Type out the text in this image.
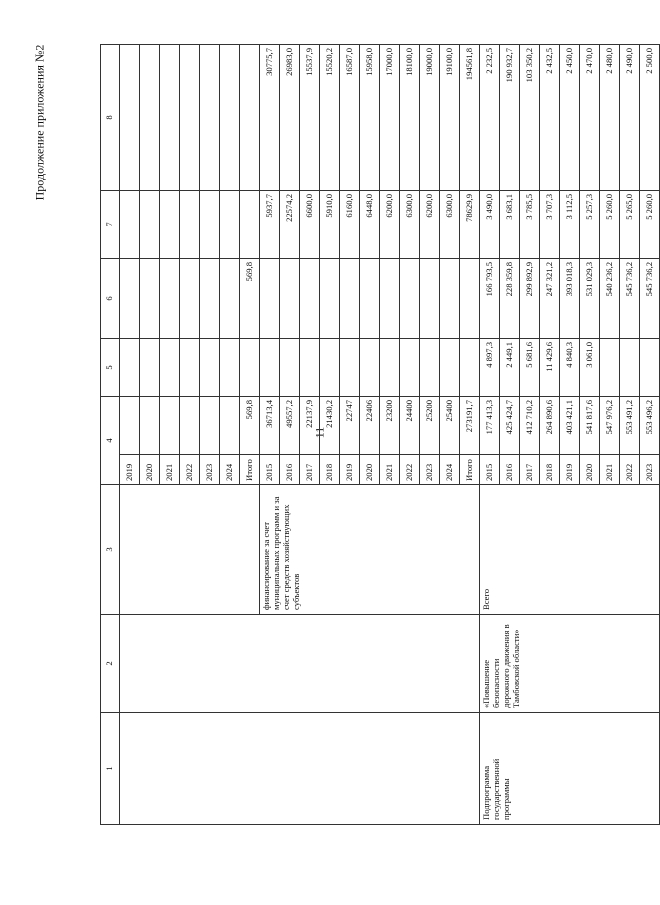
11
Продолжение приложения №2
1	2	3	4		5	6	7	8
			2019					
			2020					
			2021					
			2022					
			2023					
			2024					
			Итого	569,8		569,8		
		финансирование за счет муниципальных программ и за счет средств хозяйствующих субъектов	2015	36713,4			5937,7	30775,7
			2016	49557,2			22574,2	26983,0
			2017	22137,9			6600,0	15537,9
			2018	21430,2			5910,0	15520,2
			2019	22747			6160,0	16587,0
			2020	22406			6448,0	15958,0
			2021	23200			6200,0	17000,0
			2022	24400			6300,0	18100,0
			2023	25200			6200,0	19000,0
			2024	25400			6300,0	19100,0
			Итого	273191,7			78629,9	194561,8
Подпрограмма государственной программы	«Повышение безопасности дорожного движения в Тамбовской области»	Всего	2015	177 413,3	4 897,3	166 793,5	3 490,0	2 232,5
			2016	425 424,7	2 449,1	228 359,8	3 683,1	190 932,7
			2017	412 710,2	5 681,6	299 892,9	3 785,5	103 350,2
			2018	264 890,6	11 429,6	247 321,2	3 707,3	2 432,5
			2019	403 421,1	4 840,3	393 018,3	3 112,5	2 450,0
			2020	541 817,6	3 061,0	531 029,3	5 257,3	2 470,0
			2021	547 976,2		540 236,2	5 260,0	2 480,0
			2022	553 491,2		545 736,2	5 265,0	2 490,0
			2023	553 496,2		545 736,2	5 260,0	2 500,0
